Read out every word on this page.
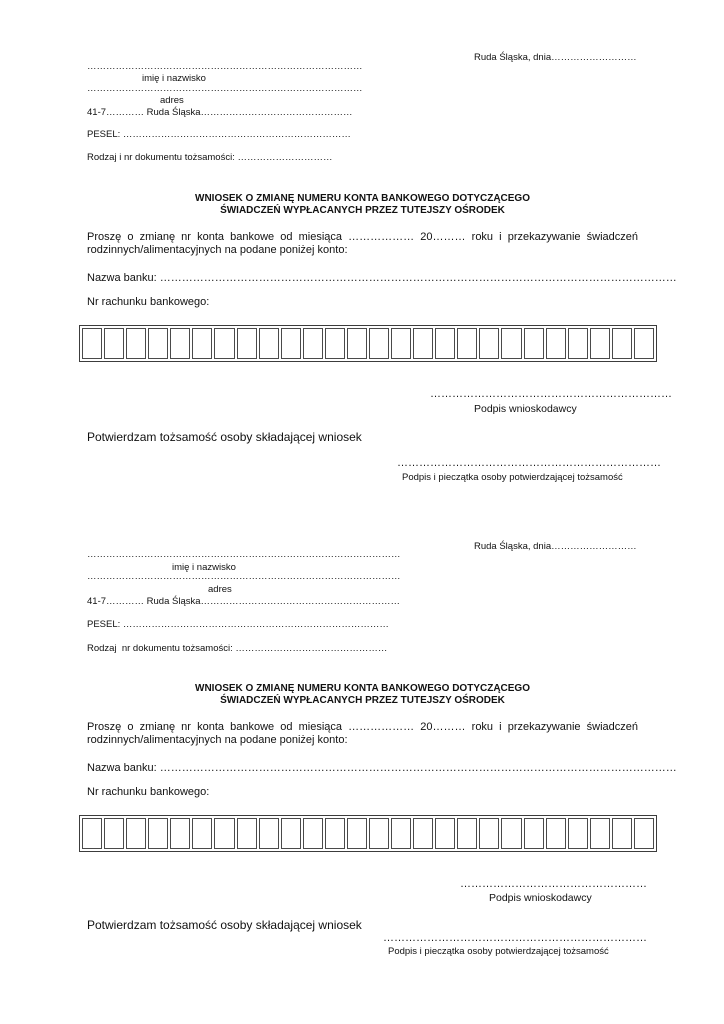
Ruda Śląska, dnia………………………
……………………………………………………………………………
imię i nazwisko
……………………………………………………………………………
adres
41-7………… Ruda Śląska…………………………………………
PESEL: ………………………………………………………………
Rodzaj i nr dokumentu tożsamości: …………………………
WNIOSEK O ZMIANĘ NUMERU KONTA BANKOWEGO DOTYCZĄCEGO
ŚWIADCZEŃ WYPŁACANYCH PRZEZ TUTEJSZY OŚRODEK
Proszę o zmianę nr konta bankowe od miesiąca ……………… 20……… roku i przekazywanie świadczeń
rodzinnych/alimentacyjnych na podane poniżej konto:
Nazwa banku: ……………………………………………………………………………………………………………………………
Nr rachunku bankowego:
…………………………………………………………
Podpis wnioskodawcy
Potwierdzam tożsamość osoby składającej wniosek
………………………………………………………………
Podpis i pieczątka osoby potwierdzającej tożsamość
Ruda Śląska, dnia………………………
………………………………………………………………………………………
imię i nazwisko
………………………………………………………………………………………
adres
41-7………… Ruda Śląska………………………………………………………
PESEL: …………………………………………………………………………
Rodzaj  nr dokumentu tożsamości: …………………………………………
WNIOSEK O ZMIANĘ NUMERU KONTA BANKOWEGO DOTYCZĄCEGO
ŚWIADCZEŃ WYPŁACANYCH PRZEZ TUTEJSZY OŚRODEK
Proszę o zmianę nr konta bankowe od miesiąca ……………… 20……… roku i przekazywanie świadczeń
rodzinnych/alimentacyjnych na podane poniżej konto:
Nazwa banku: ……………………………………………………………………………………………………………………………
Nr rachunku bankowego:
……………………………………………
Podpis wnioskodawcy
Potwierdzam tożsamość osoby składającej wniosek
………………………………………………………………
Podpis i pieczątka osoby potwierdzającej tożsamość
